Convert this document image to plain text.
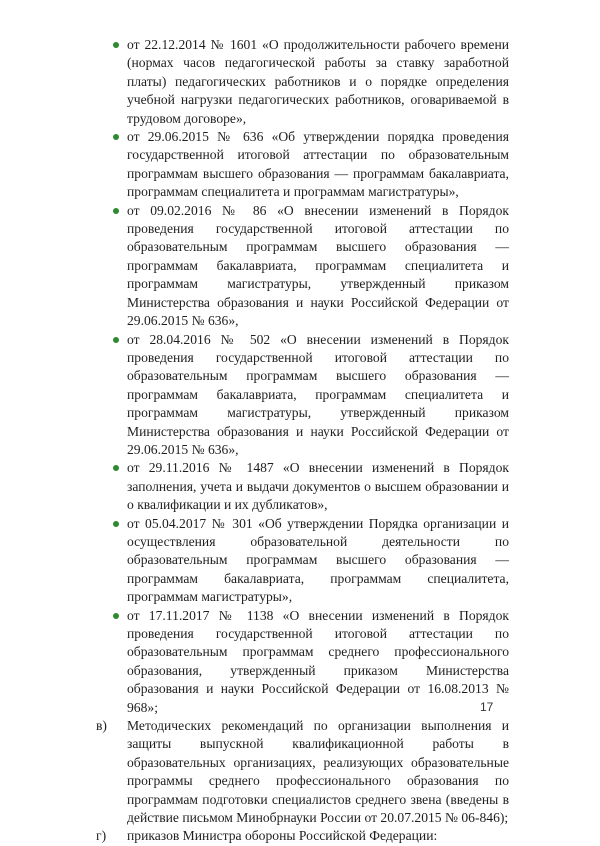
от 22.12.2014 № 1601 «О продолжительности рабочего времени (нормах часов педагогической работы за ставку заработной платы) педагогических работников и о порядке определения учебной нагрузки педагогических работников, оговариваемой в трудовом договоре»,
от 29.06.2015 № 636 «Об утверждении порядка проведения государственной итоговой аттестации по образовательным программам высшего образования — программам бакалавриата, программам специалитета и программам магистратуры»,
от 09.02.2016 № 86 «О внесении изменений в Порядок проведения государственной итоговой аттестации по образовательным программам высшего образования — программам бакалавриата, программам специалитета и программам магистратуры, утвержденный приказом Министерства образования и науки Российской Федерации от 29.06.2015 № 636»,
от 28.04.2016 № 502 «О внесении изменений в Порядок проведения государственной итоговой аттестации по образовательным программам высшего образования — программам бакалавриата, программам специалитета и программам магистратуры, утвержденный приказом Министерства образования и науки Российской Федерации от 29.06.2015 № 636»,
от 29.11.2016 № 1487 «О внесении изменений в Порядок заполнения, учета и выдачи документов о высшем образовании и о квалификации и их дубликатов»,
от 05.04.2017 № 301 «Об утверждении Порядка организации и осуществления образовательной деятельности по образовательным программам высшего образования — программам бакалавриата, программам специалитета, программам магистратуры»,
от 17.11.2017 № 1138 «О внесении изменений в Порядок проведения государственной итоговой аттестации по образовательным программам среднего профессионального образования, утвержденный приказом Министерства образования и науки Российской Федерации от 16.08.2013 № 968»;
в) Методических рекомендаций по организации выполнения и защиты выпускной квалификационной работы в образовательных организациях, реализующих образовательные программы среднего профессионального образования по программам подготовки специалистов среднего звена (введены в действие письмом Минобрнауки России от 20.07.2015 № 06-846);
г) приказов Министра обороны Российской Федерации:
17
